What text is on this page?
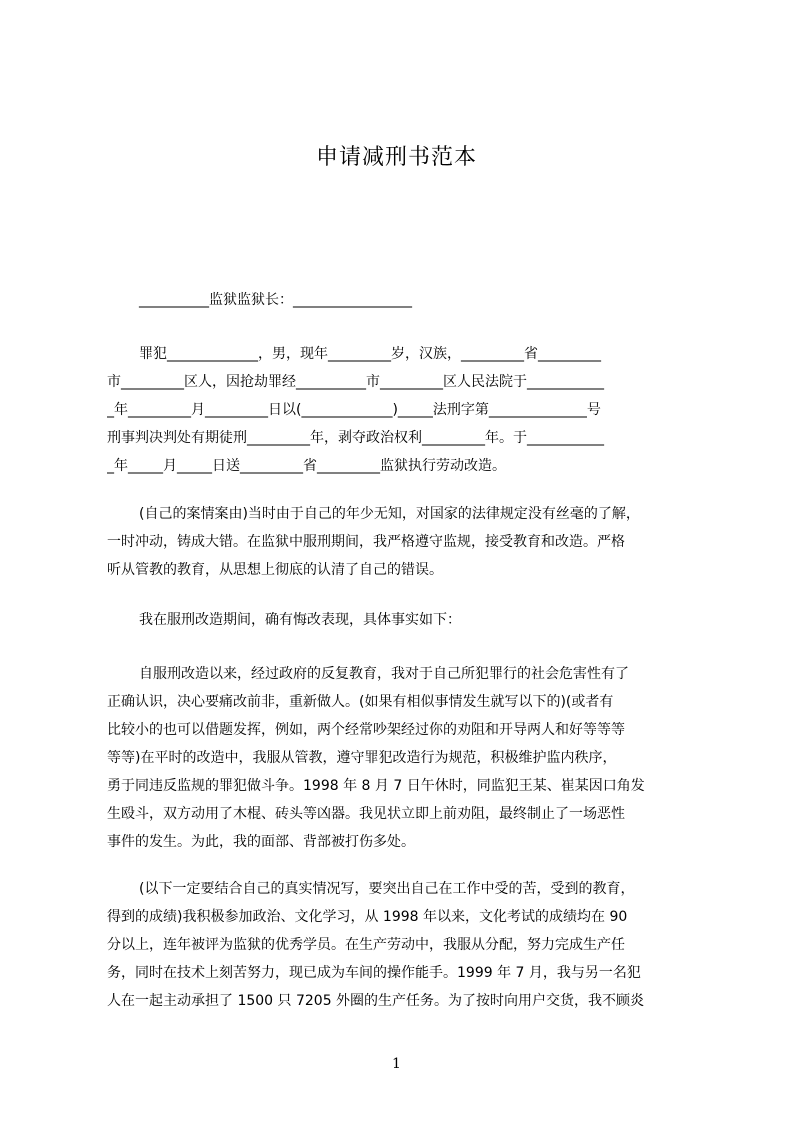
申请减刑书范本
__________监狱监狱长：_________________
罪犯_____________，男，现年_________岁，汉族，_________省_________
市_________区人，因抢劫罪经__________市_________区人民法院于___________
_年_________月_________日以(_____________)_____法刑字第______________号
刑事判决判处有期徒刑_________年，剥夺政治权利_________年。于___________
_年_____月_____日送_________省_________监狱执行劳动改造。
(自己的案情案由)当时由于自己的年少无知，对国家的法律规定没有丝毫的了解，
一时冲动，铸成大错。在监狱中服刑期间，我严格遵守监规，接受教育和改造。严格
听从管教的教育，从思想上彻底的认清了自己的错误。
我在服刑改造期间，确有悔改表现，具体事实如下：
自服刑改造以来，经过政府的反复教育，我对于自己所犯罪行的社会危害性有了
正确认识，决心要痛改前非，重新做人。(如果有相似事情发生就写以下的)(或者有
比较小的也可以借题发挥，例如，两个经常吵架经过你的劝阻和开导两人和好等等等
等等)在平时的改造中，我服从管教，遵守罪犯改造行为规范，积极维护监内秩序，
勇于同违反监规的罪犯做斗争。1998 年 8 月 7 日午休时，同监犯王某、崔某因口角发
生殴斗，双方动用了木棍、砖头等凶器。我见状立即上前劝阻，最终制止了一场恶性
事件的发生。为此，我的面部、背部被打伤多处。
(以下一定要结合自己的真实情况写，要突出自己在工作中受的苦，受到的教育，
得到的成绩)我积极参加政治、文化学习，从 1998 年以来，文化考试的成绩均在 90
分以上，连年被评为监狱的优秀学员。在生产劳动中，我服从分配，努力完成生产任
务，同时在技术上刻苦努力，现已成为车间的操作能手。1999 年 7 月，我与另一名犯
人在一起主动承担了 1500 只 7205 外圈的生产任务。为了按时向用户交货，我不顾炎
1
